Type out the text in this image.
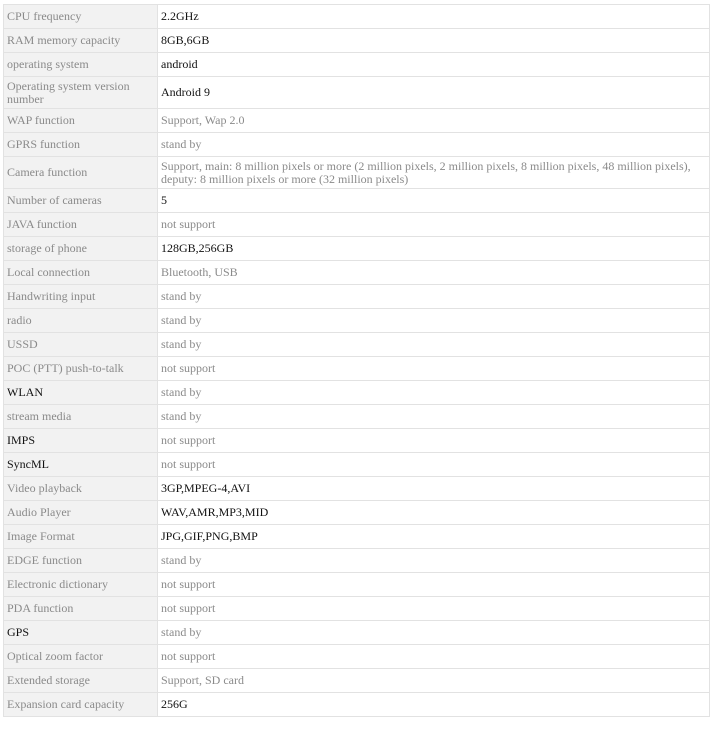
CPU frequency	2.2GHz
RAM memory capacity	8GB,6GB
operating system	android
Operating system version number	Android 9
WAP function	Support, Wap 2.0
GPRS function	stand by
Camera function	Support, main: 8 million pixels or more (2 million pixels, 2 million pixels, 8 million pixels, 48 million pixels), deputy: 8 million pixels or more (32 million pixels)
Number of cameras	5
JAVA function	not support
storage of phone	128GB,256GB
Local connection	Bluetooth, USB
Handwriting input	stand by
radio	stand by
USSD	stand by
POC (PTT) push-to-talk	not support
WLAN	stand by
stream media	stand by
IMPS	not support
SyncML	not support
Video playback	3GP,MPEG-4,AVI
Audio Player	WAV,AMR,MP3,MID
Image Format	JPG,GIF,PNG,BMP
EDGE function	stand by
Electronic dictionary	not support
PDA function	not support
GPS	stand by
Optical zoom factor	not support
Extended storage	Support, SD card
Expansion card capacity	256G
